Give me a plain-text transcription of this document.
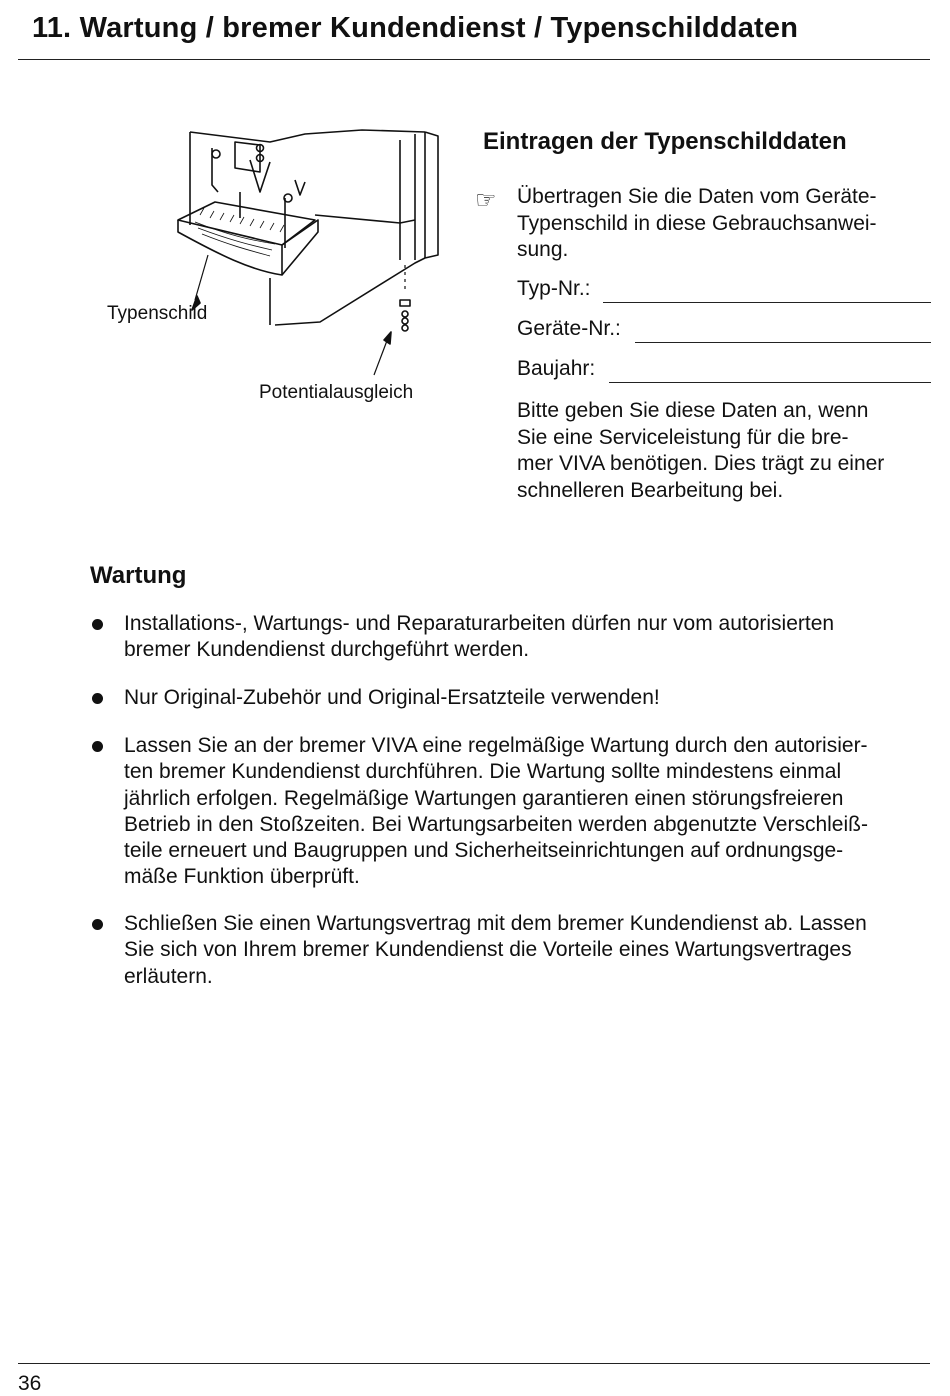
11. Wartung / bremer Kundendienst / Typenschilddaten
Typenschild
Potentialausgleich
Eintragen der Typenschilddaten
☞ Übertragen Sie die Daten vom Geräte-
Typenschild in diese Gebrauchsanwei-
sung.
Typ-Nr.:
Geräte-Nr.:
Baujahr:
Bitte geben Sie diese Daten an, wenn
Sie eine Serviceleistung für die bre-
mer VIVA benötigen. Dies trägt zu einer
schnelleren Bearbeitung bei.
Wartung
Installations-, Wartungs- und Reparaturarbeiten dürfen nur vom autorisierten
bremer Kundendienst durchgeführt werden.
Nur Original-Zubehör und Original-Ersatzteile verwenden!
Lassen Sie an der bremer VIVA eine regelmäßige Wartung durch den autorisier-
ten bremer Kundendienst durchführen. Die Wartung sollte mindestens einmal
jährlich erfolgen. Regelmäßige Wartungen garantieren einen störungsfreieren
Betrieb in den Stoßzeiten. Bei Wartungsarbeiten werden abgenutzte Verschleiß-
teile erneuert und Baugruppen und Sicherheitseinrichtungen auf ordnungsge-
mäße Funktion überprüft.
Schließen Sie einen Wartungsvertrag mit dem bremer Kundendienst ab. Lassen
Sie sich von Ihrem bremer Kundendienst die Vorteile eines Wartungsvertrages
erläutern.
36
